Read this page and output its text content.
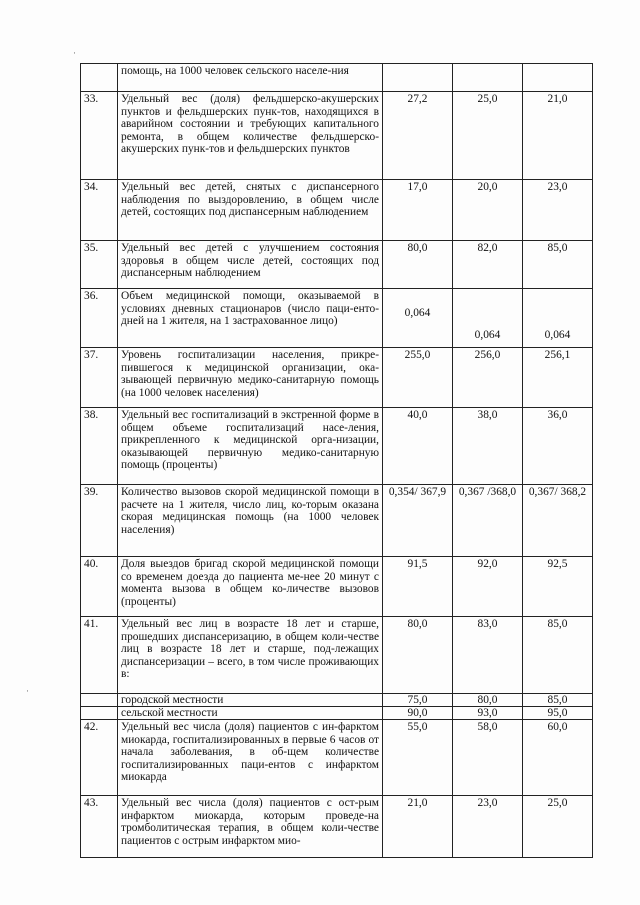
·
·
	помощь, на 1000 человек сельского населе-ния			
33.	Удельный вес (доля) фельдшерско-акушерских пунктов и фельдшерских пунк-тов, находящихся в аварийном состоянии и требующих капитального ремонта, в общем количестве фельдшерско-акушерских пунк-тов и фельдшерских пунктов	27,2	25,0	21,0
34.	Удельный вес детей, снятых с диспансерного наблюдения по выздоровлению, в общем числе детей, состоящих под диспансерным наблюдением	17,0	20,0	23,0
35.	Удельный вес детей с улучшением состояния здоровья в общем числе детей, состоящих под диспансерным наблюдением	80,0	82,0	85,0
36.	Объем медицинской помощи, оказываемой в условиях дневных стационаров (число паци-енто-дней на 1 жителя, на 1 застрахованное лицо)	0,064	0,064	0,064
37.	Уровень госпитализации населения, прикре-пившегося к медицинской организации, ока-зывающей первичную медико-санитарную помощь (на 1000 человек населения)	255,0	256,0	256,1
38.	Удельный вес госпитализаций в экстренной форме в общем объеме госпитализаций насе-ления, прикрепленного к медицинской орга-низации, оказывающей первичную медико-санитарную помощь (проценты)	40,0	38,0	36,0
39.	Количество вызовов скорой медицинской помощи в расчете на 1 жителя, число лиц, ко-торым оказана скорая медицинская помощь (на 1000 человек населения)	0,354/ 367,9	0,367 /368,0	0,367/ 368,2
40.	Доля выездов бригад скорой медицинской помощи со временем доезда до пациента ме-нее 20 минут с момента вызова в общем ко-личестве вызовов (проценты)	91,5	92,0	92,5
41.	Удельный вес лиц в возрасте 18 лет и старше, прошедших диспансеризацию, в общем коли-честве лиц в возрасте 18 лет и старше, под-лежащих диспансеризации – всего, в том числе проживающих в:	80,0	83,0	85,0
	городской местности	75,0	80,0	85,0
	сельской местности	90,0	93,0	95,0
42.	Удельный вес числа (доля) пациентов с ин-фарктом миокарда, госпитализированных в первые 6 часов от начала заболевания, в об-щем количестве госпитализированных паци-ентов с инфарктом миокарда	55,0	58,0	60,0
43.	Удельный вес числа (доля) пациентов с ост-рым инфарктом миокарда, которым проведе-на тромболитическая терапия, в общем коли-честве пациентов с острым инфарктом мио-	21,0	23,0	25,0
